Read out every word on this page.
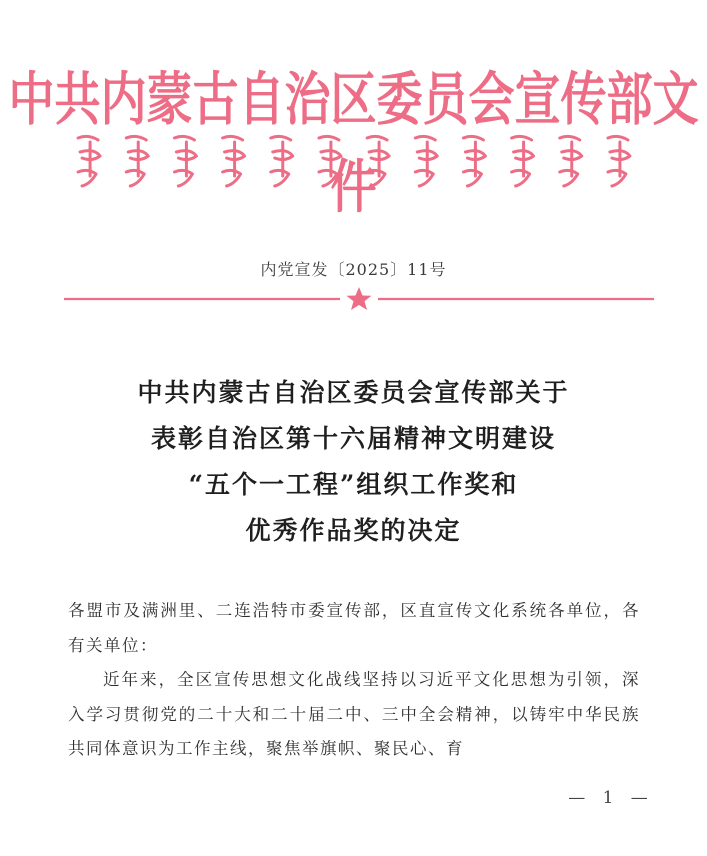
中共内蒙古自治区委员会宣传部文件
内党宣发〔2025〕11号
中共内蒙古自治区委员会宣传部关于
表彰自治区第十六届精神文明建设
“五个一工程”组织工作奖和
优秀作品奖的决定

各盟市及满洲里、二连浩特市委宣传部，区直宣传文化系统各单位，各有关单位：

近年来，全区宣传思想文化战线坚持以习近平文化思想为引领，深入学习贯彻党的二十大和二十届二中、三中全会精神，以铸牢中华民族共同体意识为工作主线，聚焦举旗帜、聚民心、育

— 1 —
